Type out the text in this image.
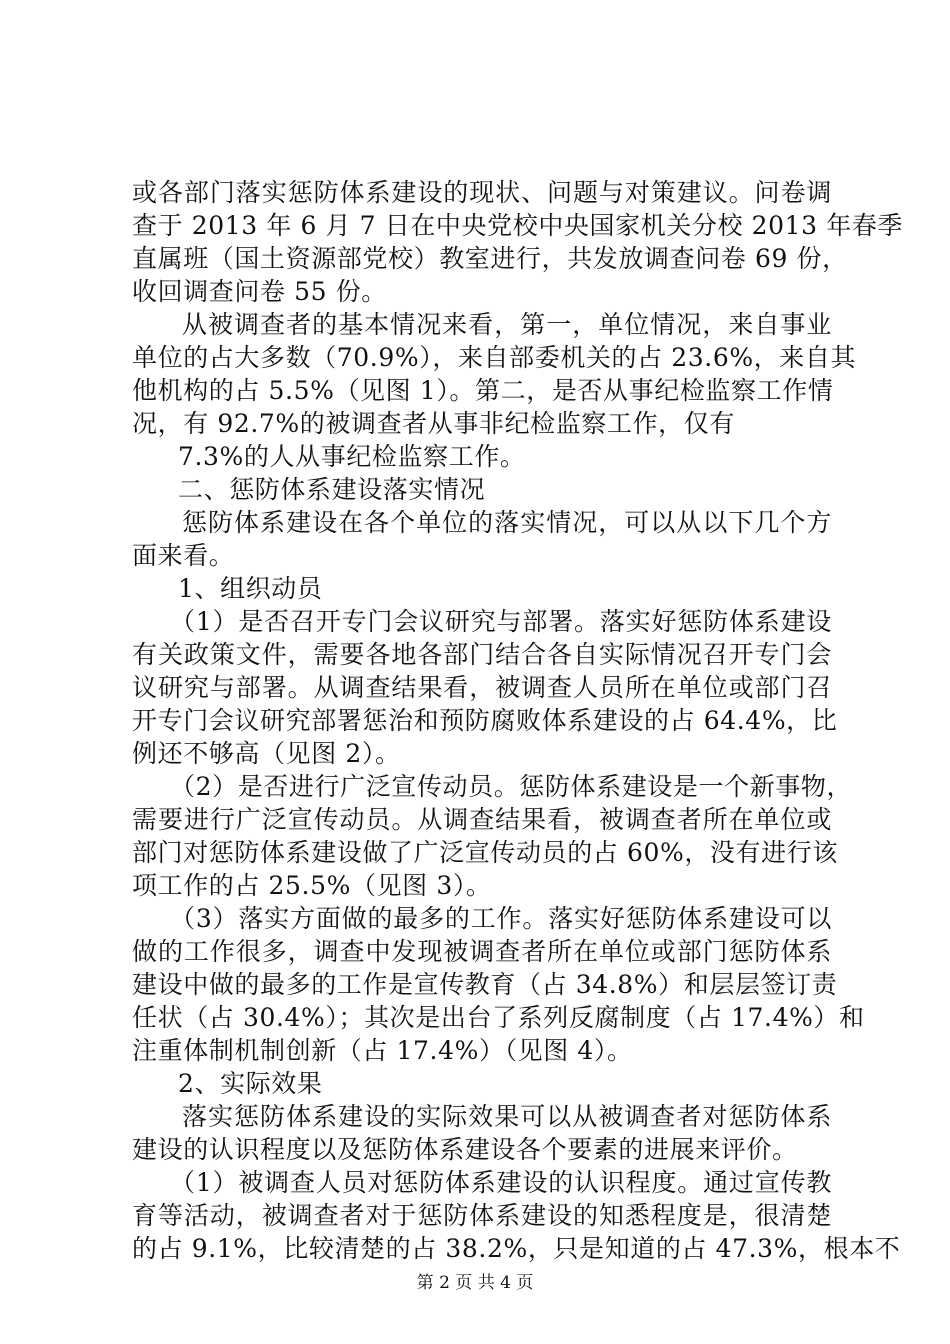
或各部门落实惩防体系建设的现状、问题与对策建议。问卷调
查于 2013 年 6 月 7 日在中央党校中央国家机关分校 2013 年春季
直属班（国土资源部党校）教室进行，共发放调查问卷 69 份，
收回调查问卷 55 份。
从被调查者的基本情况来看，第一，单位情况，来自事业
单位的占大多数（70.9%），来自部委机关的占 23.6%，来自其
他机构的占 5.5%（见图 1）。第二，是否从事纪检监察工作情
况，有 92.7%的被调查者从事非纪检监察工作，仅有
7.3%的人从事纪检监察工作。
二、惩防体系建设落实情况
惩防体系建设在各个单位的落实情况，可以从以下几个方
面来看。
1、组织动员
（1）是否召开专门会议研究与部署。落实好惩防体系建设
有关政策文件，需要各地各部门结合各自实际情况召开专门会
议研究与部署。从调查结果看，被调查人员所在单位或部门召
开专门会议研究部署惩治和预防腐败体系建设的占 64.4%，比
例还不够高（见图 2）。
（2）是否进行广泛宣传动员。惩防体系建设是一个新事物，
需要进行广泛宣传动员。从调查结果看，被调查者所在单位或
部门对惩防体系建设做了广泛宣传动员的占 60%，没有进行该
项工作的占 25.5%（见图 3）。
（3）落实方面做的最多的工作。落实好惩防体系建设可以
做的工作很多，调查中发现被调查者所在单位或部门惩防体系
建设中做的最多的工作是宣传教育（占 34.8%）和层层签订责
任状（占 30.4%）；其次是出台了系列反腐制度（占 17.4%）和
注重体制机制创新（占 17.4%）（见图 4）。
2、实际效果
落实惩防体系建设的实际效果可以从被调查者对惩防体系
建设的认识程度以及惩防体系建设各个要素的进展来评价。
（1）被调查人员对惩防体系建设的认识程度。通过宣传教
育等活动，被调查者对于惩防体系建设的知悉程度是，很清楚
的占 9.1%，比较清楚的占 38.2%，只是知道的占 47.3%，根本不
第 2 页 共 4 页
